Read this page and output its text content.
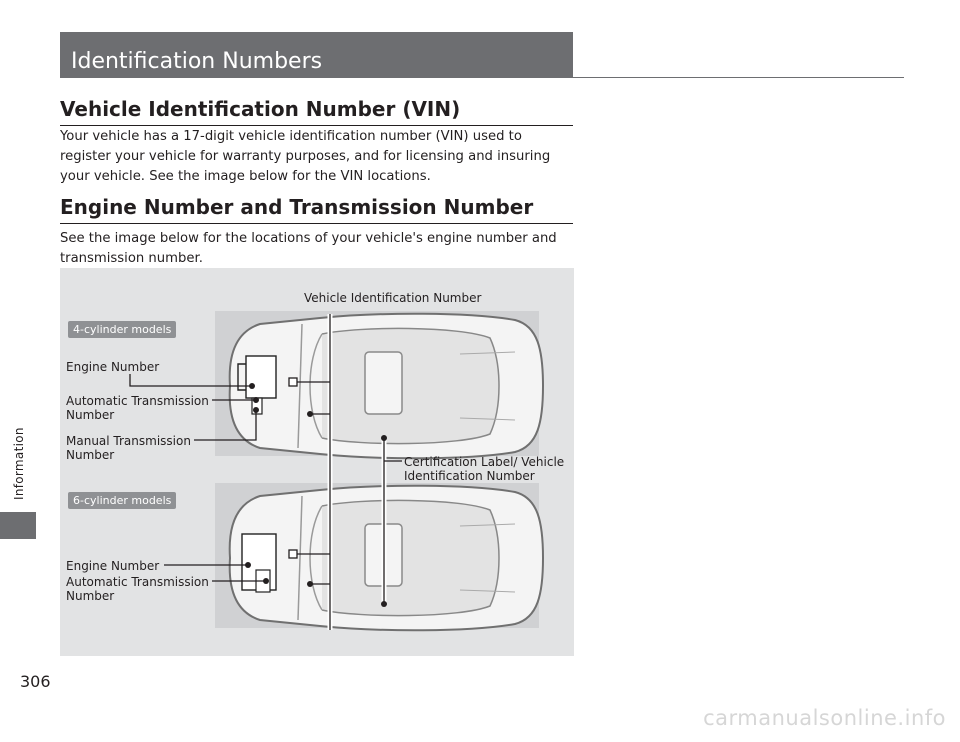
Identification Numbers
Vehicle Identification Number (VIN)

Your vehicle has a 17-digit vehicle identification number (VIN) used to register your vehicle for warranty purposes, and for licensing and insuring your vehicle. See the image below for the VIN locations.

Engine Number and Transmission Number

See the image below for the locations of your vehicle's engine number and transmission number.

Vehicle Identification Number
4-cylinder models
Engine Number
Automatic Transmission Number
Manual Transmission Number	Certification Label/ Vehicle Identification Number
6-cylinder models
Engine Number
Automatic Transmission Number
Information
306
carmanualsonline.info
